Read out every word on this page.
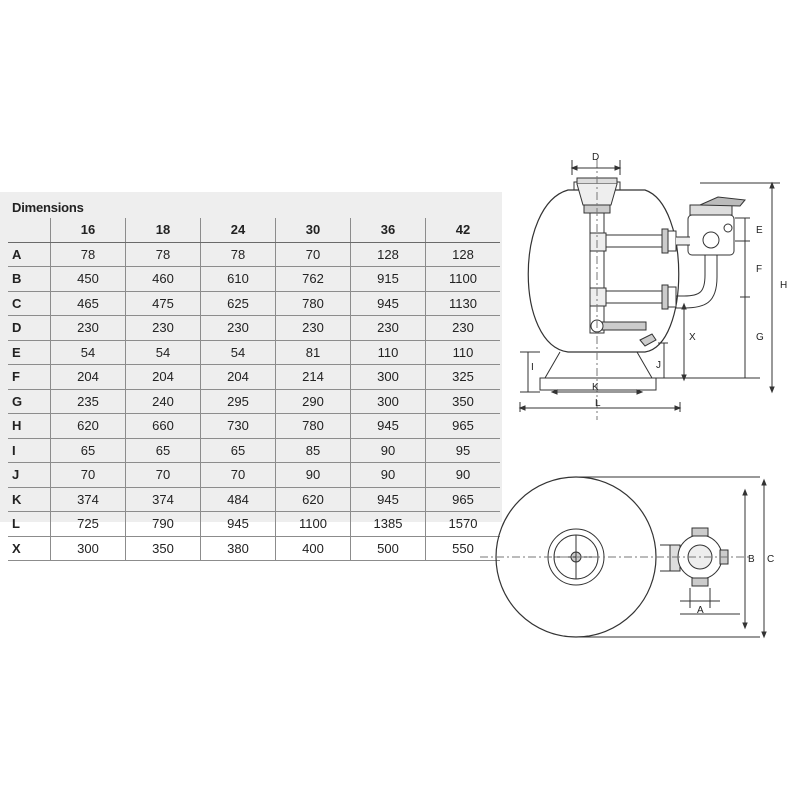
Dimensions
	16	18	24	30	36	42
A	78	78	78	70	128	128
B	450	460	610	762	915	1100
C	465	475	625	780	945	1130
D	230	230	230	230	230	230
E	54	54	54	81	110	110
F	204	204	204	214	300	325
G	235	240	295	290	300	350
H	620	660	730	780	945	965
I	65	65	65	85	90	95
J	70	70	70	90	90	90
K	374	374	484	620	945	965
L	725	790	945	1100	1385	1570
X	300	350	380	400	500	550
D
E
F
H
G
X
I	J
K
L
A
B C
